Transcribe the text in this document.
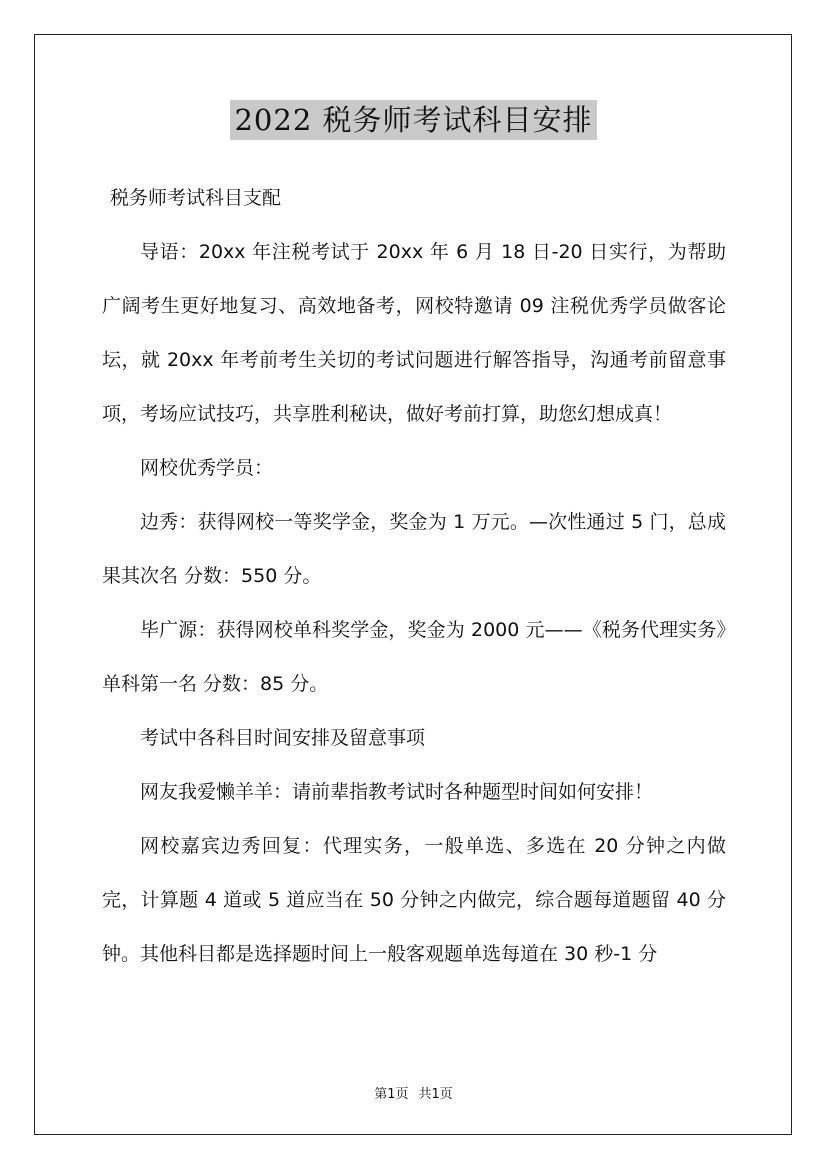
2022 税务师考试科目安排

税务师考试科目支配

导语：20xx 年注税考试于 20xx 年 6 月 18 日-20 日实行，为帮助广阔考生更好地复习、高效地备考，网校特邀请 09 注税优秀学员做客论坛，就 20xx 年考前考生关切的考试问题进行解答指导，沟通考前留意事项，考场应试技巧，共享胜利秘诀，做好考前打算，助您幻想成真！

网校优秀学员：

边秀：获得网校一等奖学金，奖金为 1 万元。—次性通过 5 门，总成果其次名 分数：550 分。

毕广源：获得网校单科奖学金，奖金为 2000 元——《税务代理实务》单科第一名 分数：85 分。

考试中各科目时间安排及留意事项

网友我爱懒羊羊：请前辈指教考试时各种题型时间如何安排！

网校嘉宾边秀回复：代理实务，一般单选、多选在 20 分钟之内做完，计算题 4 道或 5 道应当在 50 分钟之内做完，综合题每道题留 40 分钟。其他科目都是选择题时间上一般客观题单选每道在 30 秒-1 分

第1页 共1页
